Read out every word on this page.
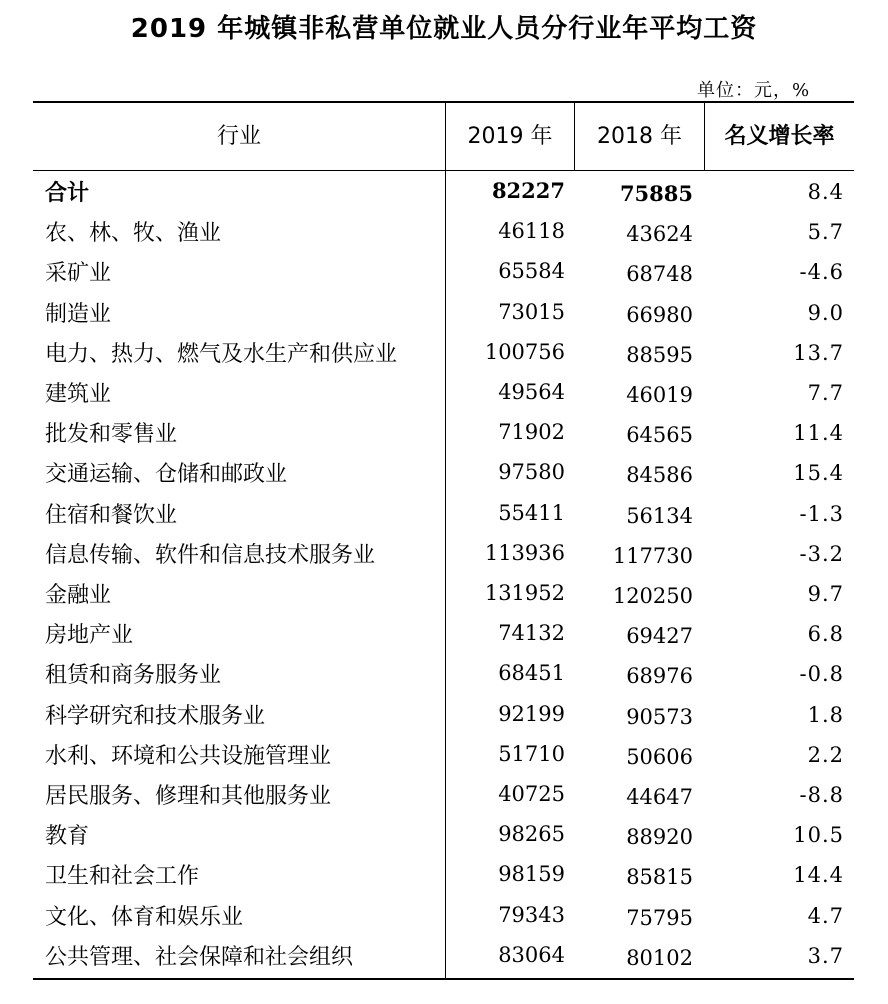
2019 年城镇非私营单位就业人员分行业年平均工资
单位：元，%
行业	2019 年	2018 年	名义增长率
合计	82227	75885	8.4
农、林、牧、渔业	46118	43624	5.7
采矿业	65584	68748	-4.6
制造业	73015	66980	9.0
电力、热力、燃气及水生产和供应业	100756	88595	13.7
建筑业	49564	46019	7.7
批发和零售业	71902	64565	11.4
交通运输、仓储和邮政业	97580	84586	15.4
住宿和餐饮业	55411	56134	-1.3
信息传输、软件和信息技术服务业	113936 117730	-3.2
金融业	131952 120250	9.7
房地产业	74132	69427	6.8
租赁和商务服务业	68451	68976	-0.8
科学研究和技术服务业	92199	90573	1.8
水利、环境和公共设施管理业	51710	50606	2.2
居民服务、修理和其他服务业	40725	44647	-8.8
教育	98265	88920	10.5
卫生和社会工作	98159	85815	14.4
文化、体育和娱乐业	79343	75795	4.7
公共管理、社会保障和社会组织	83064	80102	3.7
